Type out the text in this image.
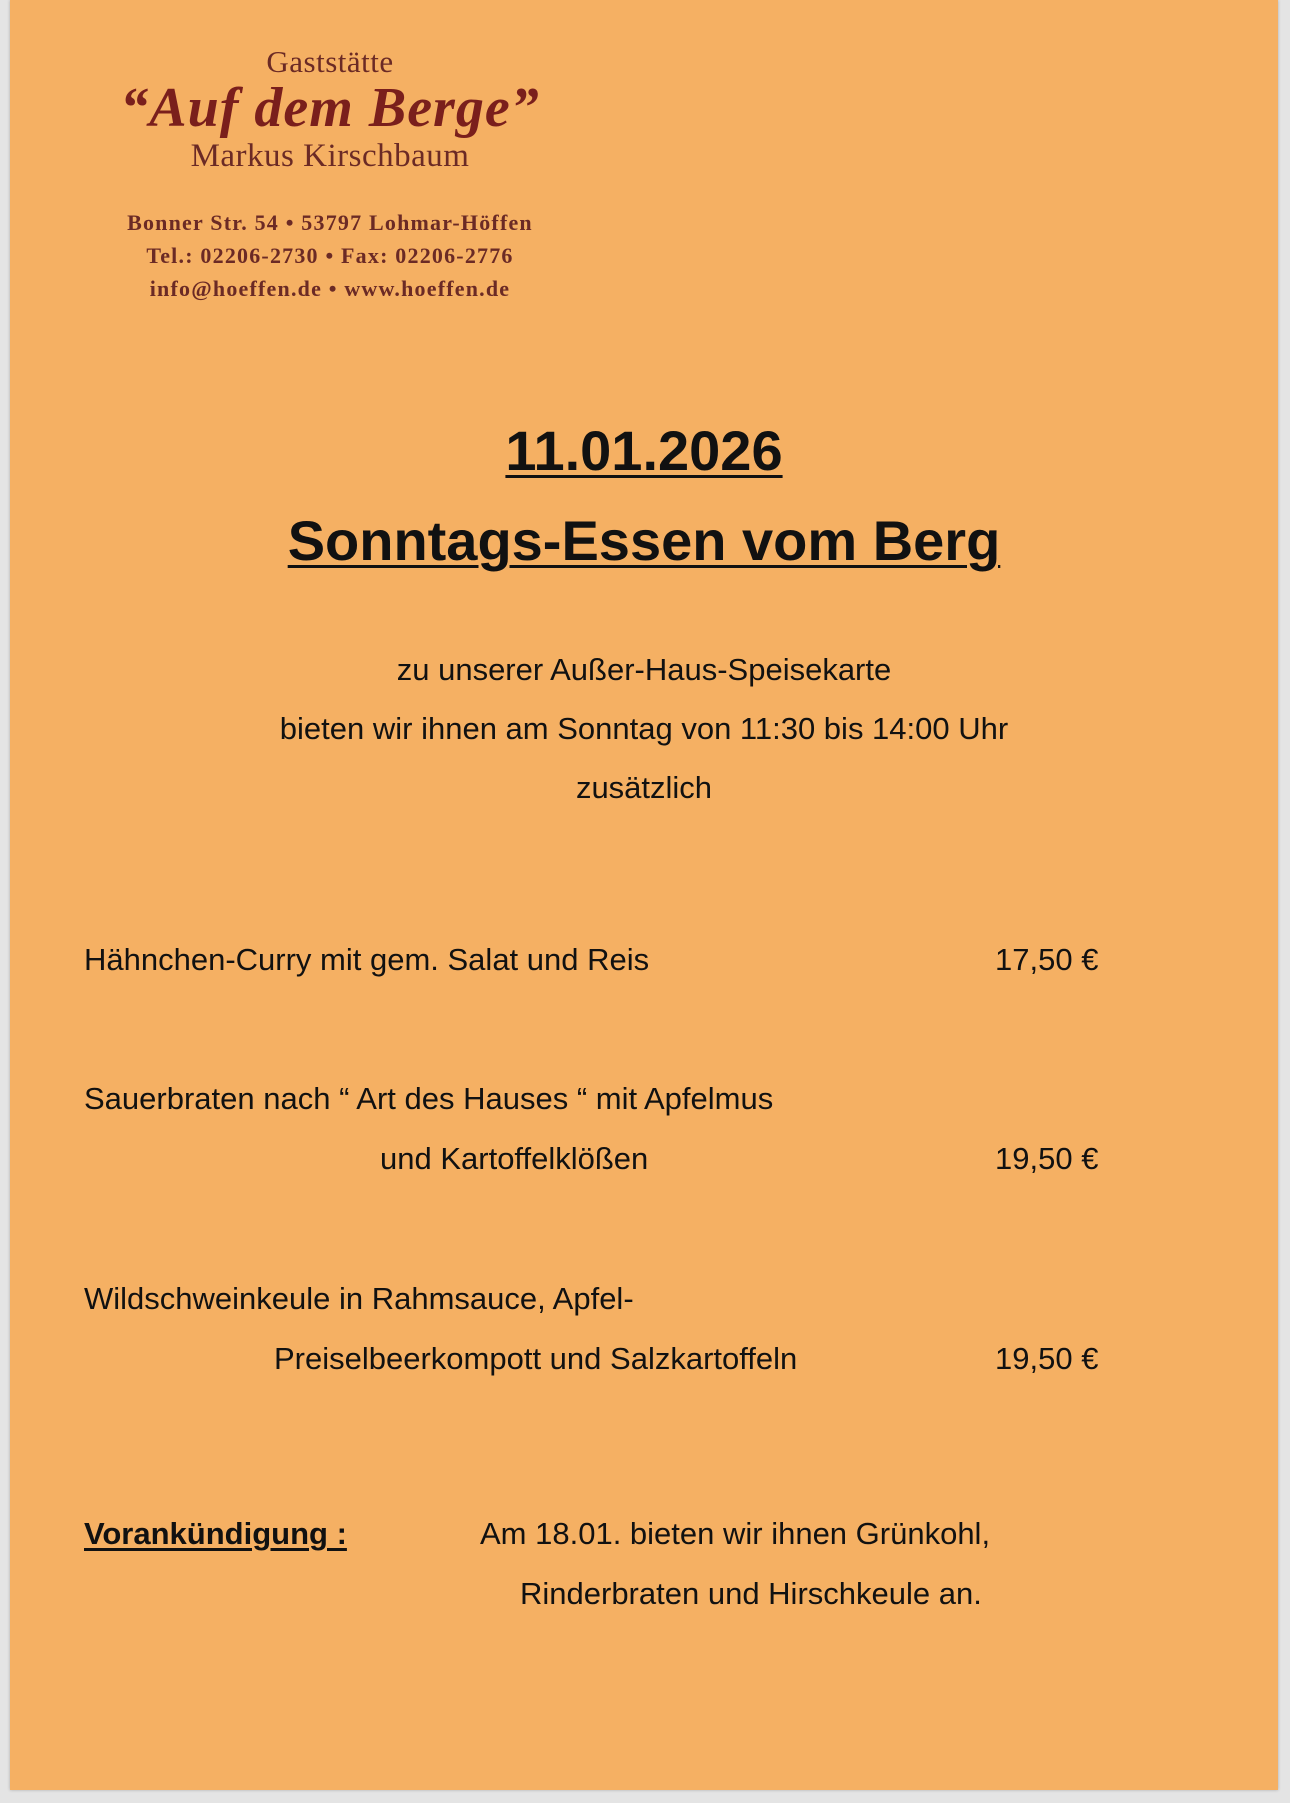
Gaststätte
“Auf dem Berge”
Markus Kirschbaum
Bonner Str. 54 • 53797 Lohmar-Höffen
Tel.: 02206-2730 • Fax: 02206-2776
info@hoeffen.de • www.hoeffen.de
11.01.2026
Sonntags-Essen vom Berg
zu unserer Außer-Haus-Speisekarte
bieten wir ihnen am Sonntag von 11:30 bis 14:00 Uhr
zusätzlich
Hähnchen-Curry mit gem. Salat und Reis	17,50 €
Sauerbraten nach “ Art des Hauses “ mit Apfelmus
und Kartoffelklößen	19,50 €
Wildschweinkeule in Rahmsauce, Apfel-
Preiselbeerkompott und Salzkartoffeln	19,50 €
Vorankündigung :	Am 18.01. bieten wir ihnen Grünkohl,
Rinderbraten und Hirschkeule an.
